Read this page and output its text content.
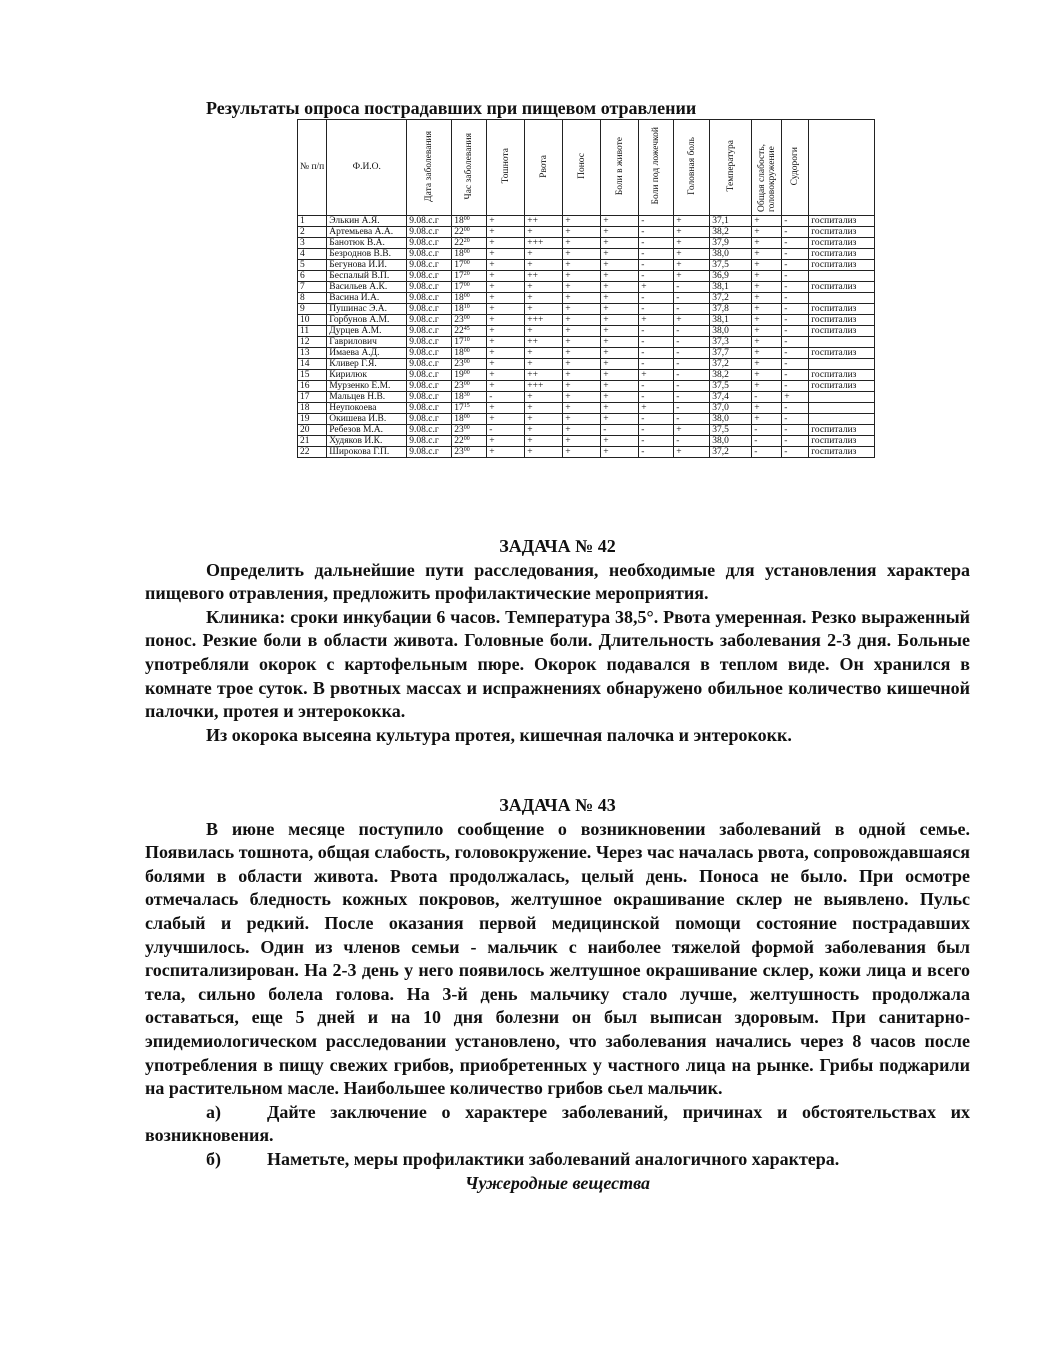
Результаты опроса пострадавших при пищевом отравлении
№ п/п	Ф.И.О.	Дата заболевания	Час заболевания	Тошнота	Рвота	Понос	Боли в животе	Боли под ложечкой	Головная боль	Температура	Общая слабость, головокружение	Судороги	
1	Элькин А.Я.	9.08.с.г	$18^{00}$	+	++	+	+	-	+	37,1	+	-	госпитализ
2	Артемьева А.А.	9.08.с.г	$22^{00}$	+	+	+	+	-	+	38,2	+	-	госпитализ
3	Банотюк В.А.	9.08.с.г	$22^{20}$	+	+++	+	+	-	+	37,9	+	-	госпитализ
4	Безроднов В.В.	9.08.с.г	$18^{00}$	+	+	+	+	-	+	38,0	+	-	госпитализ
5	Бегунова И.И.	9.08.с.г	$17^{00}$	+	+	+	+	-	+	37,5	+	-	госпитализ
6	Беспалый В.П.	9.08.с.г	$17^{20}$	+	++	+	+	-	+	36,9	+	-	
7	Васильев А.К.	9.08.с.г	$17^{00}$	+	+	+	+	+	-	38,1	+	-	госпитализ
8	Васина И.А.	9.08.с.г	$18^{00}$	+	+	+	+	-	-	37,2	+	-	
9	Пушинас Э.А.	9.08.с.г	$18^{10}$	+	+	+	+	-	-	37,8	+	-	госпитализ
10	Горбунов А.М.	9.08.с.г	$23^{00}$	+	+++	+	+	+	+	38,1	+	-	госпитализ
11	Дурцев А.М.	9.08.с.г	$22^{45}$	+	+	+	+	-	-	38,0	+	-	госпитализ
12	Гаврилович	9.08.с.г	$17^{10}$	+	++	+	+	-	-	37,3	+	-	
13	Имаева А.Д.	9.08.с.г	$18^{00}$	+	+	+	+	-	-	37,7	+	-	госпитализ
14	Кливер Г.Я.	9.08.с.г	$23^{00}$	+	+	+	+	-	-	37,2	+	-	
15	Кирилюк	9.08.с.г	$19^{00}$	+	++	+	+	+	-	38,2	+	-	госпитализ
16	Мурзенко Е.М.	9.08.с.г	$23^{00}$	+	+++	+	+	-	-	37,5	+	-	госпитализ
17	Мальцев Н.В.	9.08.с.г	$18^{30}$	-	+	+	+	-	-	37,4	-	+	
18	Неупокоева	9.08.с.г	$17^{15}$	+	+	+	+	+	-	37,0	+	-	
19	Окишева И.В.	9.08.с.г	$18^{00}$	+	+	+	+	-	-	38,0	+	-	
20	Ребезов М.А.	9.08.с.г	$23^{00}$	-	+	+	-	-	+	37,5	-	-	госпитализ
21	Худяков И.К.	9.08.с.г	$22^{00}$	+	+	+	+	-	-	38,0	-	-	госпитализ
22	Широкова Г.П.	9.08.с.г	$23^{00}$	+	+	+	+	-	+	37,2	-	-	госпитализ
ЗАДАЧА № 42

Определить дальнейшие пути расследования, необходимые для установления характера пищевого отравления, предложить профилактические мероприятия.

Клиника: сроки инкубации 6 часов. Температура 38,5°. Рвота умеренная. Резко выраженный понос. Резкие боли в области живота. Головные боли. Длительность заболевания 2-3 дня. Больные употребляли окорок с картофельным пюре. Окорок подавался в теплом виде. Он хранился в комнате трое суток. В рвотных массах и испражнениях обнаружено обильное количество кишечной палочки, протея и энтерококка.

Из окорока высеяна культура протея, кишечная палочка и энтерококк.

ЗАДАЧА № 43

В июне месяце поступило сообщение о возникновении заболеваний в одной семье. Появилась тошнота, общая слабость, головокружение. Через час началась рвота, сопровождавшаяся болями в области живота. Рвота продолжалась, целый день. Поноса не было. При осмотре отмечалась бледность кожных покровов, желтушное окрашивание склер не выявлено. Пульс слабый и редкий. После оказания первой медицинской помощи состояние пострадавших улучшилось. Один из членов семьи - мальчик с наиболее тяжелой формой заболевания был госпитализирован. На 2-3 день у него появилось желтушное окрашивание склер, кожи лица и всего тела, сильно болела голова. На 3-й день мальчику стало лучше, желтушность продолжала оставаться, еще 5 дней и на 10 дня болезни он был выписан здоровым. При санитарно-эпидемиологическом расследовании установлено, что заболевания начались через 8 часов после употребления в пищу свежих грибов, приобретенных у частного лица на рынке. Грибы поджарили на растительном масле. Наибольшее количество грибов сьел мальчик.

а)	Дайте заключение о характере заболеваний, причинах и обстоятельствах их возникновения.

б)	Наметьте, меры профилактики заболеваний аналогичного характера.

Чужеродные вещества
